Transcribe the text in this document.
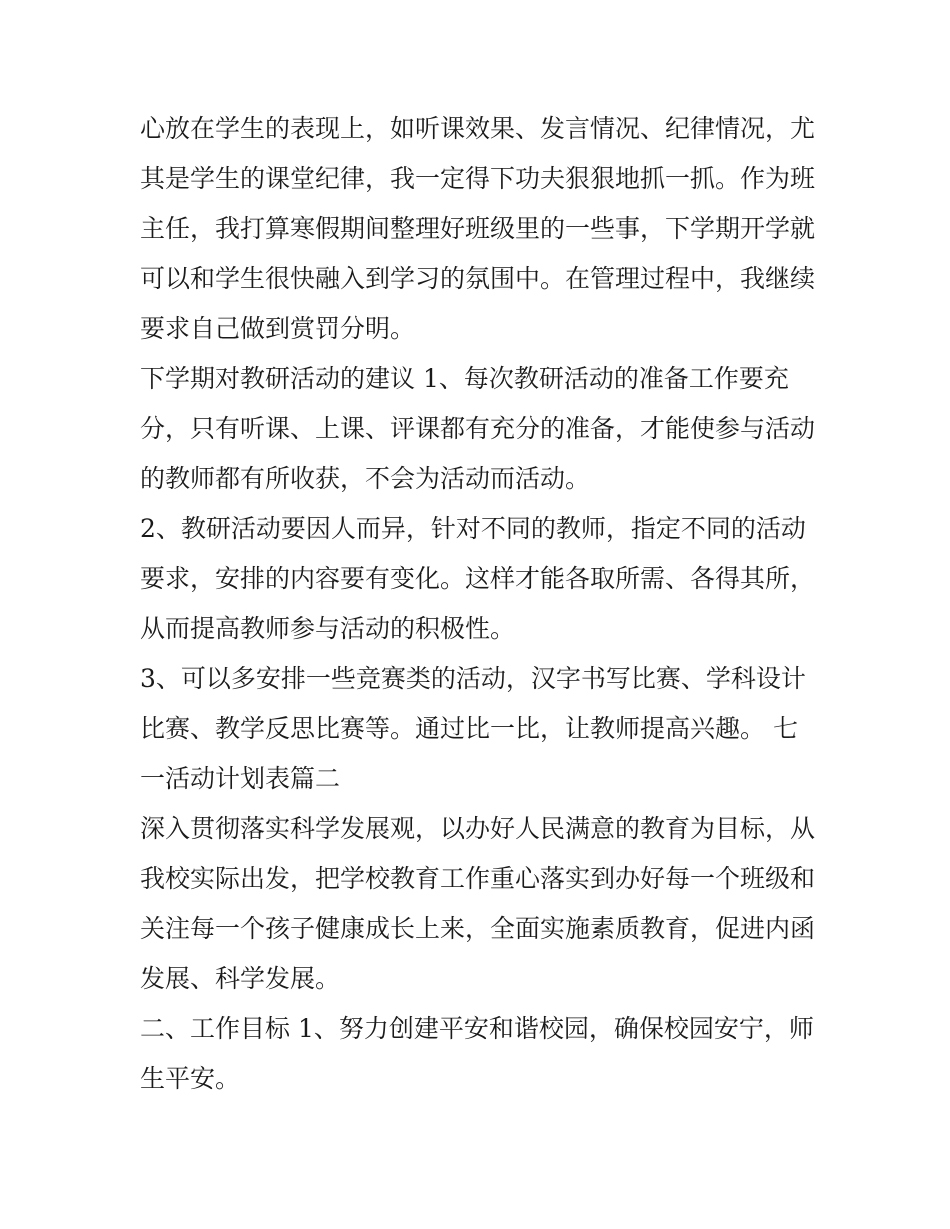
心放在学生的表现上，如听课效果、发言情况、纪律情况，尤
其是学生的课堂纪律，我一定得下功夫狠狠地抓一抓。作为班
主任，我打算寒假期间整理好班级里的一些事，下学期开学就
可以和学生很快融入到学习的氛围中。在管理过程中，我继续
要求自己做到赏罚分明。
下学期对教研活动的建议 1、每次教研活动的准备工作要充
分，只有听课、上课、评课都有充分的准备，才能使参与活动
的教师都有所收获，不会为活动而活动。
2、教研活动要因人而异，针对不同的教师，指定不同的活动
要求，安排的内容要有变化。这样才能各取所需、各得其所，
从而提高教师参与活动的积极性。
3、可以多安排一些竞赛类的活动，汉字书写比赛、学科设计
比赛、教学反思比赛等。通过比一比，让教师提高兴趣。 七
一活动计划表篇二
深入贯彻落实科学发展观，以办好人民满意的教育为目标，从
我校实际出发，把学校教育工作重心落实到办好每一个班级和
关注每一个孩子健康成长上来，全面实施素质教育，促进内函
发展、科学发展。
二、工作目标 1、努力创建平安和谐校园，确保校园安宁，师
生平安。
